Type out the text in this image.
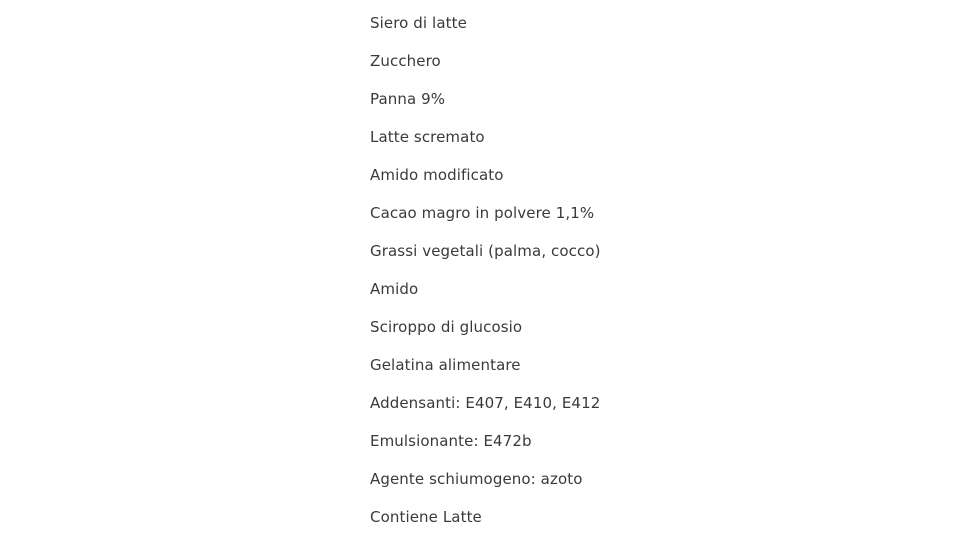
Siero di latte
Zucchero
Panna 9%
Latte scremato
Amido modificato
Cacao magro in polvere 1,1%
Grassi vegetali (palma, cocco)
Amido
Sciroppo di glucosio
Gelatina alimentare
Addensanti: E407, E410, E412
Emulsionante: E472b
Agente schiumogeno: azoto
Contiene Latte
